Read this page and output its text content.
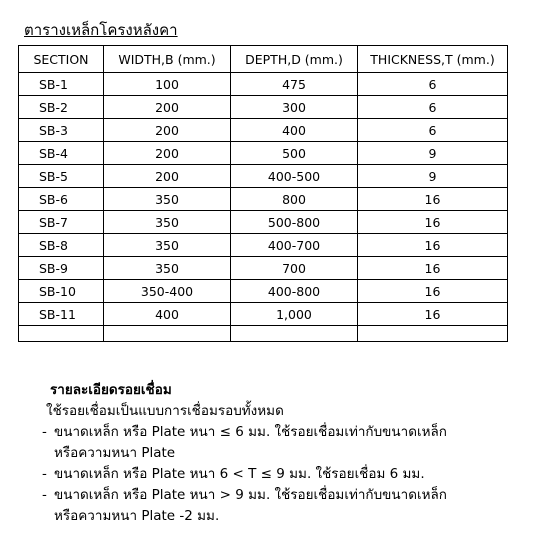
ตารางเหล็กโครงหลังคา
SECTION	WIDTH,B (mm.)	DEPTH,D (mm.)	THICKNESS,T (mm.)
SB-1	100	475	6
SB-2	200	300	6
SB-3	200	400	6
SB-4	200	500	9
SB-5	200	400-500	9
SB-6	350	800	16
SB-7	350	500-800	16
SB-8	350	400-700	16
SB-9	350	700	16
SB-10	350-400	400-800	16
SB-11	400	1,000	16

รายละเอียดรอยเชื่อม
ใช้รอยเชื่อมเป็นแบบการเชื่อมรอบทั้งหมด
- ขนาดเหล็ก หรือ Plate หนา ≤ 6 มม. ใช้รอยเชื่อมเท่ากับขนาดเหล็ก
หรือความหนา Plate
- ขนาดเหล็ก หรือ Plate หนา 6 < T ≤ 9 มม. ใช้รอยเชื่อม 6 มม.
- ขนาดเหล็ก หรือ Plate หนา > 9 มม. ใช้รอยเชื่อมเท่ากับขนาดเหล็ก
หรือความหนา Plate -2 มม.
